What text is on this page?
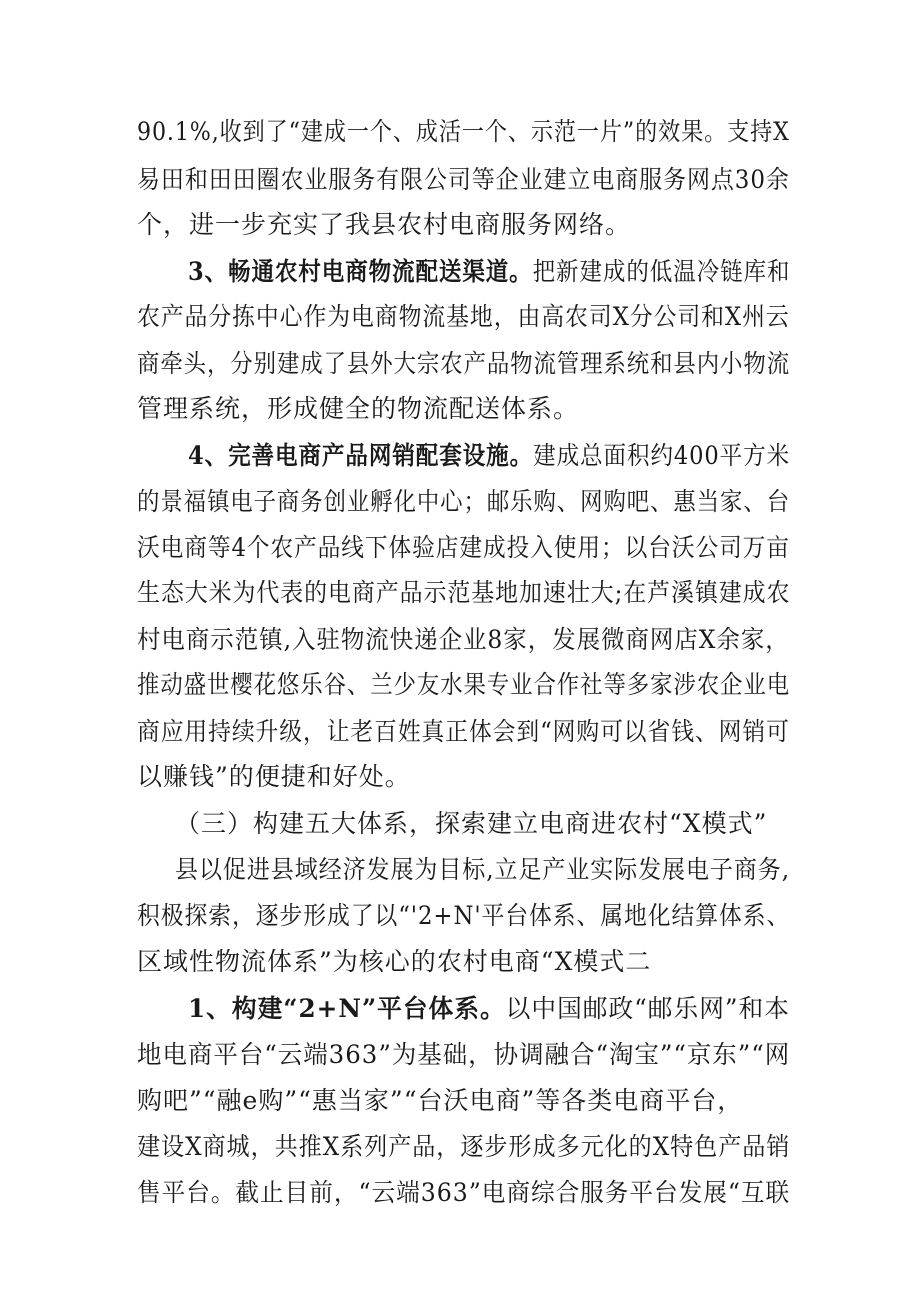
90.1%,收到了“建成一个、成活一个、示范一片”的效果。支持X
易田和田田圈农业服务有限公司等企业建立电商服务网点30余
个，进一步充实了我县农村电商服务网络。
3、畅通农村电商物流配送渠道。把新建成的低温冷链库和
农产品分拣中心作为电商物流基地，由高农司X分公司和X州云
商牵头，分别建成了县外大宗农产品物流管理系统和县内小物流
管理系统，形成健全的物流配送体系。
4、完善电商产品网销配套设施。建成总面积约400平方米
的景福镇电子商务创业孵化中心；邮乐购、网购吧、惠当家、台
沃电商等4个农产品线下体验店建成投入使用；以台沃公司万亩
生态大米为代表的电商产品示范基地加速壮大;在芦溪镇建成农
村电商示范镇,入驻物流快递企业8家，发展微商网店X余家，
推动盛世樱花悠乐谷、兰少友水果专业合作社等多家涉农企业电
商应用持续升级，让老百姓真正体会到“网购可以省钱、网销可
以赚钱”的便捷和好处。
（三）构建五大体系，探索建立电商进农村“X模式”
县以促进县域经济发展为目标,立足产业实际发展电子商务,
积极探索，逐步形成了以“'2+N'平台体系、属地化结算体系、
区域性物流体系”为核心的农村电商“X模式二
1、构建“2+N”平台体系。以中国邮政“邮乐网”和本
地电商平台“云端363”为基础，协调融合“淘宝”“京东”“网
购吧”“融e购”“惠当家”“台沃电商”等各类电商平台，
建设X商城，共推X系列产品，逐步形成多元化的X特色产品销
售平台。截止目前，“云端363”电商综合服务平台发展“互联
